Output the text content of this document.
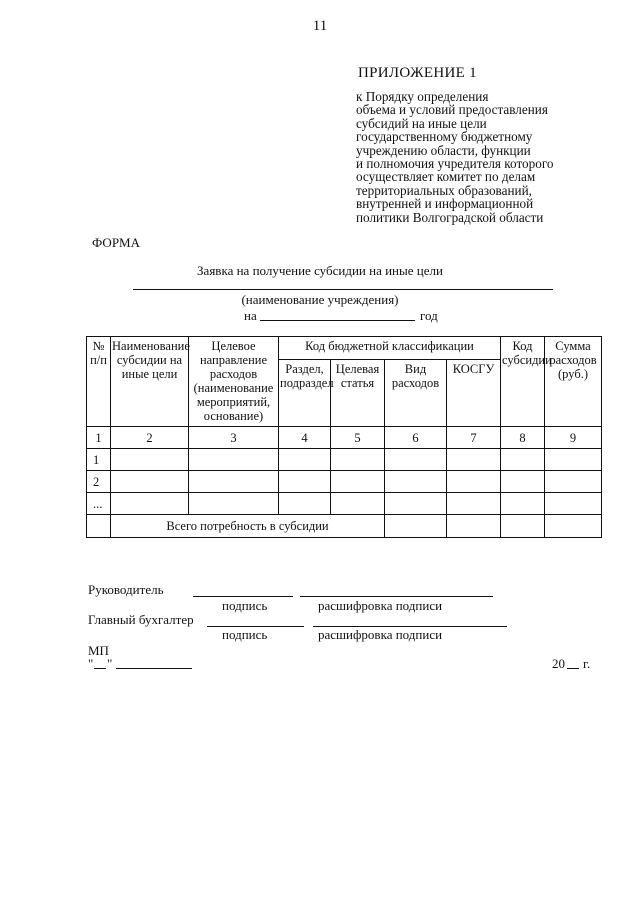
11
ПРИЛОЖЕНИЕ 1
к Порядку определения
объема и условий предоставления
субсидий на иные цели
государственному бюджетному
учреждению области, функции
и полномочия учредителя которого
осуществляет комитет по делам
территориальных образований,
внутренней и информационной
политики Волгоградской области
ФОРМА
Заявка на получение субсидии на иные цели
(наименование учреждения)
на	год
№ п/п	Наименование субсидии на иные цели	Целевое направление расходов (наименование мероприятий, основание)	Код бюджетной классификации				Код субсидии	Сумма расходов (руб.)	
			Раздел, подраздел	Целевая статья	Вид расходов	КОСГУ			
1	2	3	4	5	6	7	8	9	
1									
2									
...									
	Всего потребность в субсидии								
Руководитель
подпись	расшифровка подписи
Главный бухгалтер
подпись	расшифровка подписи
МП
" "	20 г.
